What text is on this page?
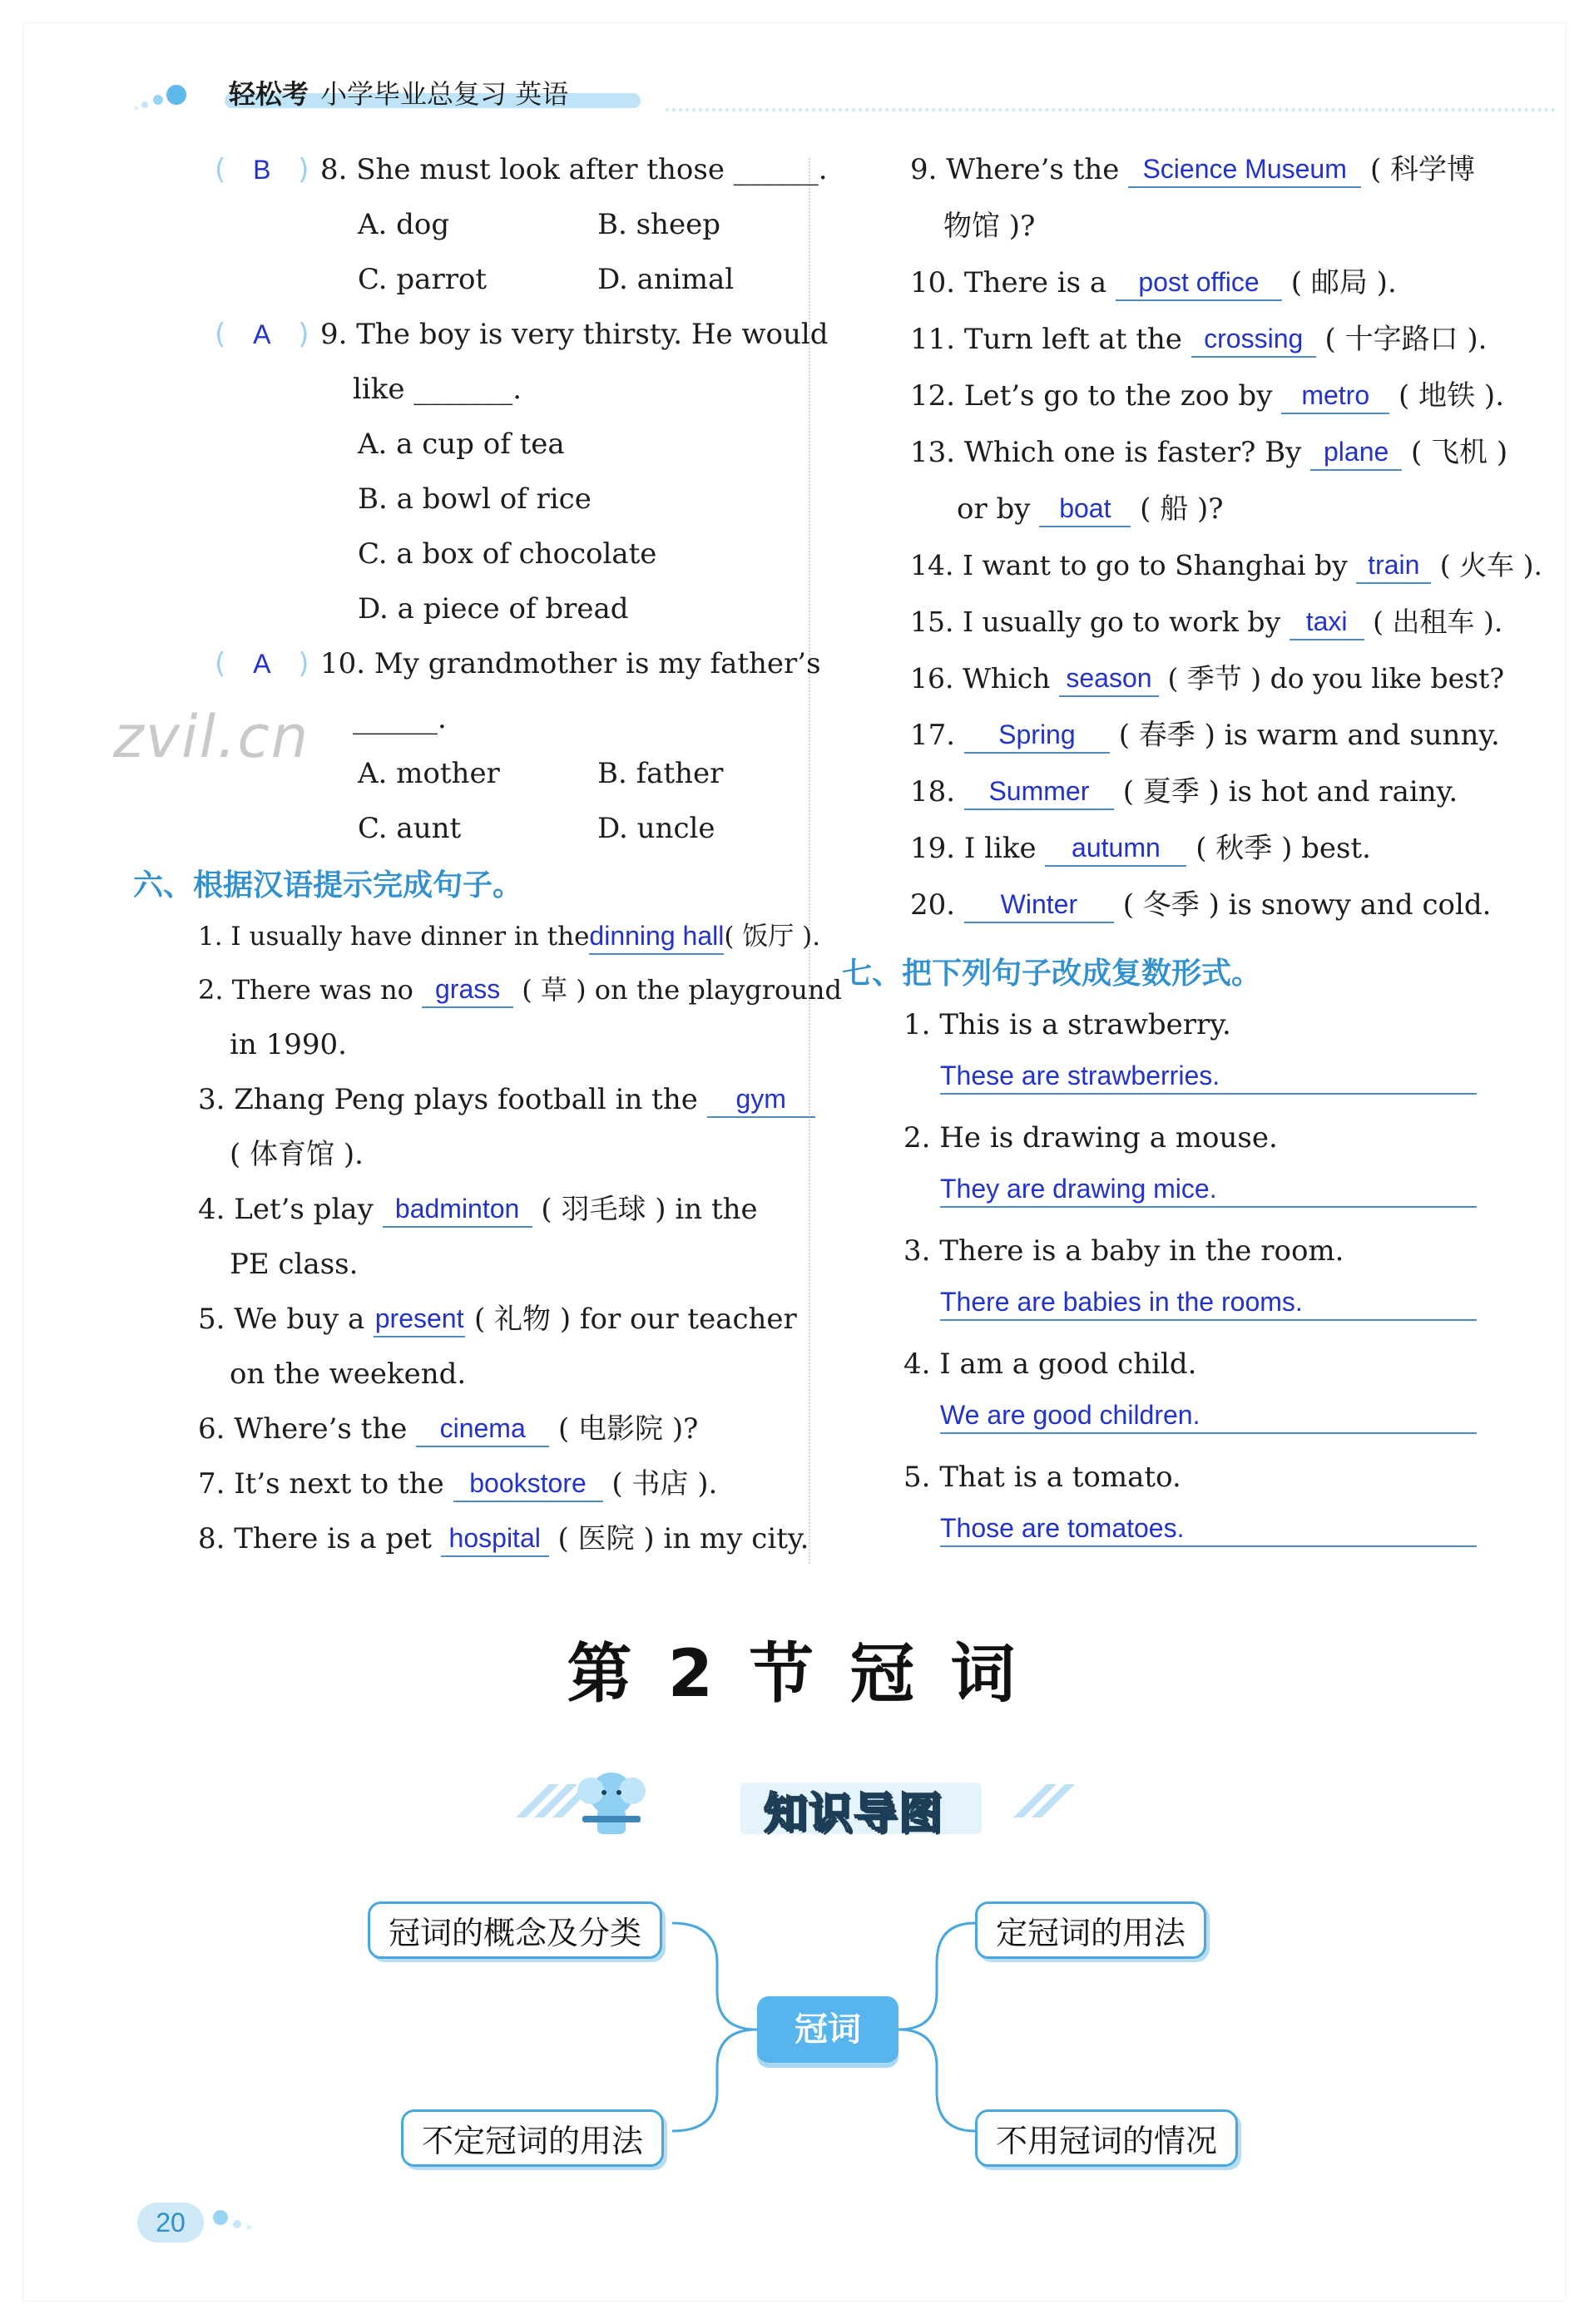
轻松考 小学毕业总复习 英语
zvil.cn
( B ) 8. She must look after those ______.
A. dog	B. sheep
C. parrot	D. animal
( A ) 9. The boy is very thirsty. He would
like _______.
A. a cup of tea
B. a bowl of rice
C. a box of chocolate
D. a piece of bread
( A ) 10. My grandmother is my father’s
______.
A. mother	B. father
C. aunt	D. uncle
六、根据汉语提示完成句子。
1. I usually have dinner in thedinning hall( 饭厅 ).
2. There was no grass ( 草 ) on the playground
in 1990.
3. Zhang Peng plays football in the gym
( 体育馆 ).
4. Let’s play badminton ( 羽毛球 ) in the
PE class.
5. We buy a present ( 礼物 ) for our teacher
on the weekend.
6. Where’s the cinema ( 电影院 )?
7. It’s next to the bookstore ( 书店 ).
8. There is a pet hospital ( 医院 ) in my city.
9. Where’s the Science Museum ( 科学博
物馆 )?
10. There is a post office ( 邮局 ).
11. Turn left at the crossing ( 十字路口 ).
12. Let’s go to the zoo by metro ( 地铁 ).
13. Which one is faster? By plane ( 飞机 )
or by boat ( 船 )?
14. I want to go to Shanghai by train ( 火车 ).
15. I usually go to work by taxi ( 出租车 ).
16. Which season ( 季节 ) do you like best?
17. Spring ( 春季 ) is warm and sunny.
18. Summer ( 夏季 ) is hot and rainy.
19. I like autumn ( 秋季 ) best.
20. Winter ( 冬季 ) is snowy and cold.
七、把下列句子改成复数形式。
1. This is a strawberry.
These are strawberries.
2. He is drawing a mouse.
They are drawing mice.
3. There is a baby in the room.
There are babies in the rooms.
4. I am a good child.
We are good children.
5. That is a tomato.
Those are tomatoes.
第 2 节 冠 词
知识导图
冠词的概念及分类	定冠词的用法
不定冠词的用法	不用冠词的情况
冠词
20
